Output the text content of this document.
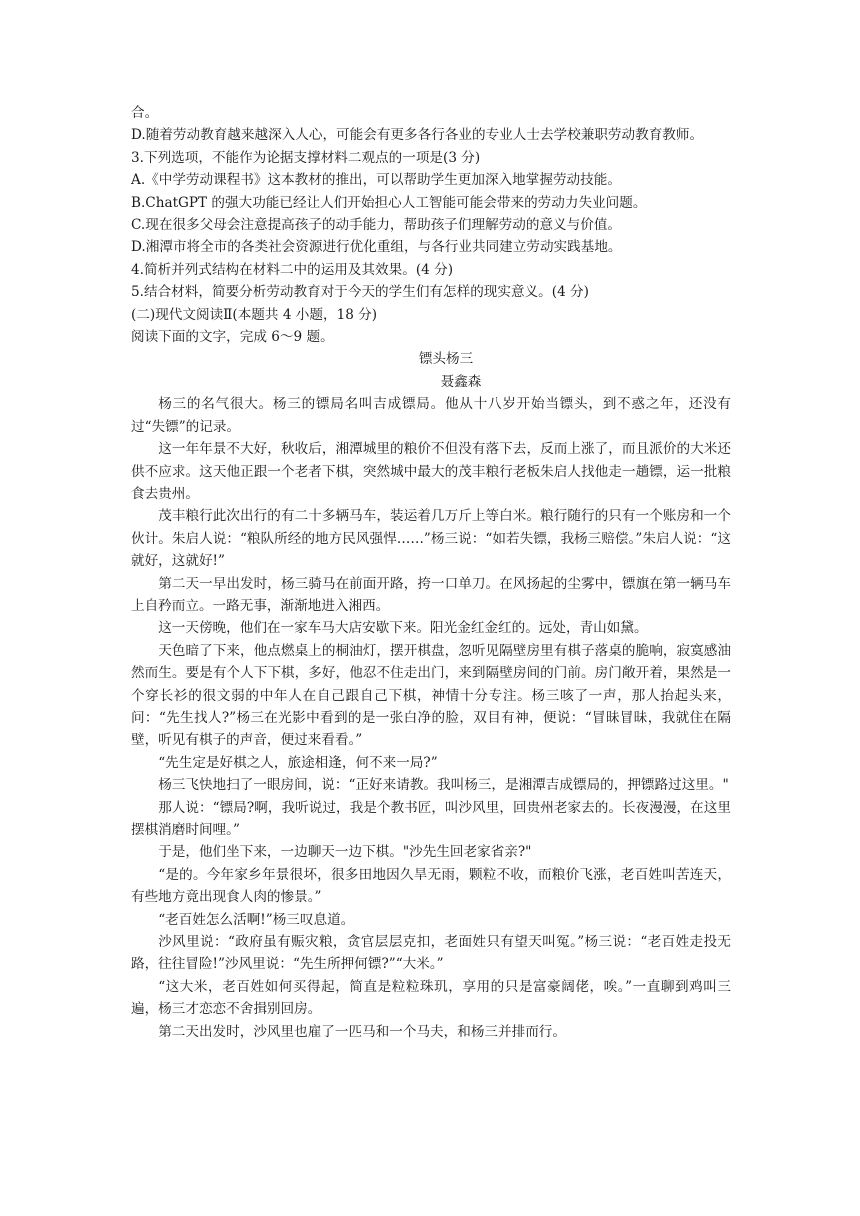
合。

D.随着劳动教育越来越深入人心，可能会有更多各行各业的专业人士去学校兼职劳动教育教师。

3.下列选项，不能作为论据支撑材料二观点的一项是(3 分)

A.《中学劳动课程书》这本教材的推出，可以帮助学生更加深入地掌握劳动技能。

B.ChatGPT 的强大功能已经让人们开始担心人工智能可能会带来的劳动力失业问题。

C.现在很多父母会注意提高孩子的动手能力，帮助孩子们理解劳动的意义与价值。

D.湘潭市将全市的各类社会资源进行优化重组，与各行业共同建立劳动实践基地。

4.简析并列式结构在材料二中的运用及其效果。(4 分)

5.结合材料，简要分析劳动教育对于今天的学生们有怎样的现实意义。(4 分)

(二)现代文阅读Ⅱ(本题共 4 小题，18 分)

阅读下面的文字，完成 6～9 题。

镖头杨三

聂鑫森

杨三的名气很大。杨三的镖局名叫吉成镖局。他从十八岁开始当镖头，到不惑之年，还没有过“失镖”的记录。

这一年年景不大好，秋收后，湘潭城里的粮价不但没有落下去，反而上涨了，而且派价的大米还供不应求。这天他正跟一个老者下棋，突然城中最大的茂丰粮行老板朱启人找他走一趟镖，运一批粮食去贵州。

茂丰粮行此次出行的有二十多辆马车，装运着几万斤上等白米。粮行随行的只有一个账房和一个伙计。朱启人说：“粮队所经的地方民风强悍……”杨三说：“如若失镖，我杨三赔偿。”朱启人说：“这就好，这就好!”

第二天一早出发时，杨三骑马在前面开路，挎一口单刀。在风扬起的尘雾中，镖旗在第一辆马车上自矜而立。一路无事，渐渐地进入湘西。

这一天傍晚，他们在一家车马大店安歇下来。阳光金红金红的。远处，青山如黛。

天色暗了下来，他点燃桌上的桐油灯，摆开棋盘，忽听见隔壁房里有棋子落桌的脆响，寂寞感油然而生。要是有个人下下棋，多好，他忍不住走出门，来到隔壁房间的门前。房门敞开着，果然是一个穿长衫的很文弱的中年人在自己跟自己下棋，神情十分专注。杨三咳了一声，那人抬起头来，问：“先生找人?”杨三在光影中看到的是一张白净的脸，双目有神，便说：“冒昧冒昧，我就住在隔壁，听见有棋子的声音，便过来看看。”

“先生定是好棋之人，旅途相逢，何不来一局?”

杨三飞快地扫了一眼房间，说：“正好来请教。我叫杨三，是湘潭吉成镖局的，押镖路过这里。"

那人说：“镖局?啊，我听说过，我是个教书匠，叫沙风里，回贵州老家去的。长夜漫漫，在这里摆棋消磨时间哩。”

于是，他们坐下来，一边聊天一边下棋。"沙先生回老家省亲?"

“是的。今年家乡年景很坏，很多田地因久旱无雨，颗粒不收，而粮价飞涨，老百姓叫苦连天，有些地方竟出现食人肉的惨景。”

“老百姓怎么活啊!”杨三叹息道。

沙风里说：“政府虽有赈灾粮，贪官层层克扣，老面姓只有望天叫冤。”杨三说：“老百姓走投无路，往往冒险!”沙风里说：“先生所押何镖?”“大米。”

“这大米，老百姓如何买得起，简直是粒粒珠玑，享用的只是富豪阔佬，唉。”一直聊到鸡叫三遍，杨三才恋恋不舍揖别回房。

第二天出发时，沙风里也雇了一匹马和一个马夫，和杨三并排而行。
